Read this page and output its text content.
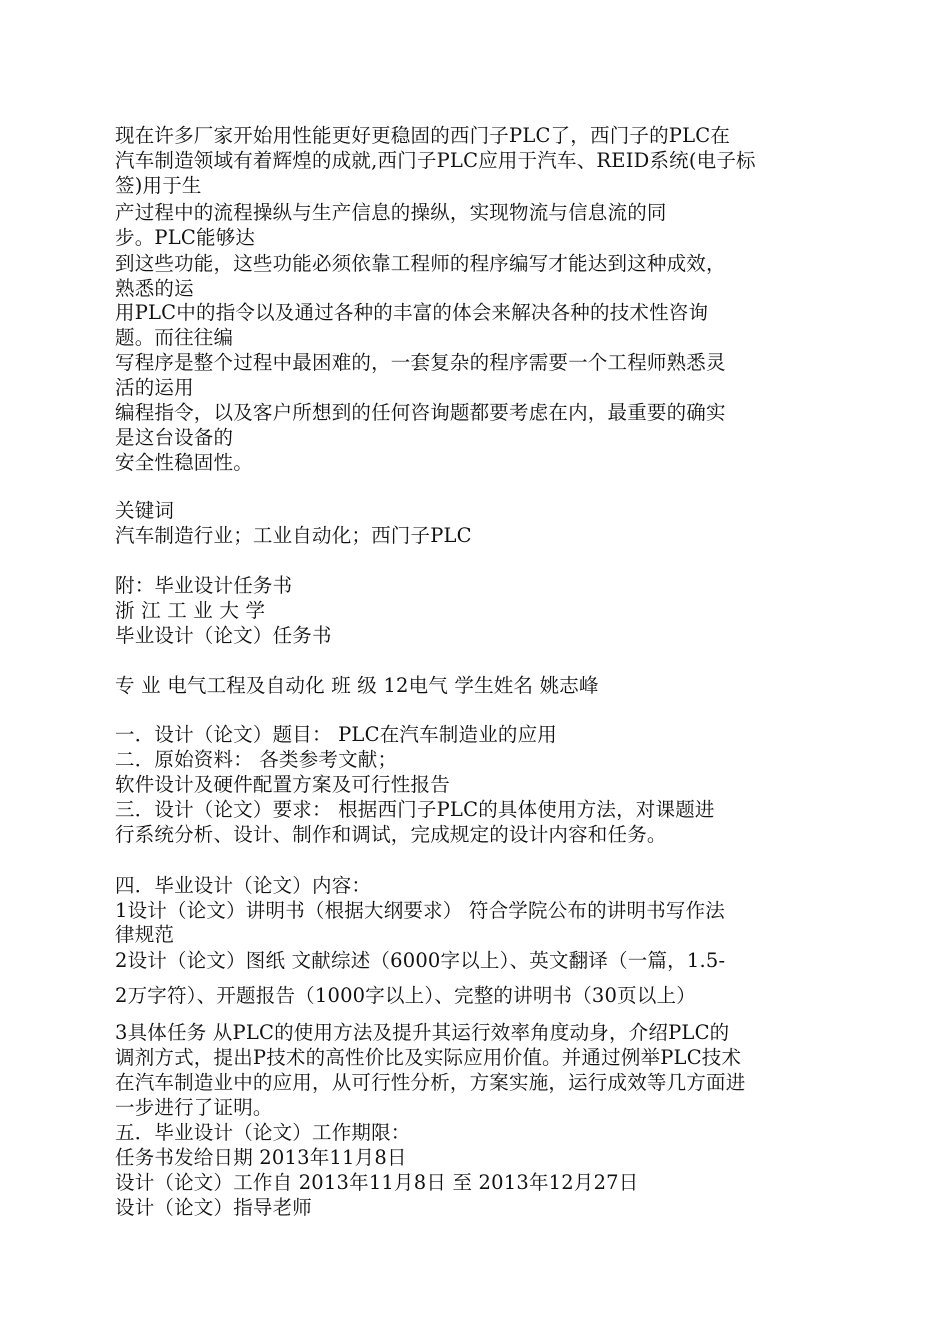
现在许多厂家开始用性能更好更稳固的西门子PLC了，西门子的PLC在
汽车制造领域有着辉煌的成就,西门子PLC应用于汽车、REID系统(电子标
签)用于生
产过程中的流程操纵与生产信息的操纵，实现物流与信息流的同
步。PLC能够达
到这些功能，这些功能必须依靠工程师的程序编写才能达到这种成效，
熟悉的运
用PLC中的指令以及通过各种的丰富的体会来解决各种的技术性咨询
题。而往往编
写程序是整个过程中最困难的，一套复杂的程序需要一个工程师熟悉灵
活的运用
编程指令，以及客户所想到的任何咨询题都要考虑在内，最重要的确实
是这台设备的
安全性稳固性。
关键词
汽车制造行业；工业自动化；西门子PLC
附：毕业设计任务书
浙 江 工 业 大 学
毕业设计（论文）任务书
专 业 电气工程及自动化 班 级 12电气 学生姓名 姚志峰
一．设计（论文）题目： PLC在汽车制造业的应用
二．原始资料： 各类参考文献；
软件设计及硬件配置方案及可行性报告
三．设计（论文）要求： 根据西门子PLC的具体使用方法，对课题进
行系统分析、设计、制作和调试，完成规定的设计内容和任务。
四．毕业设计（论文）内容：
1设计（论文）讲明书（根据大纲要求） 符合学院公布的讲明书写作法
律规范
2设计（论文）图纸 文献综述（6000字以上）、英文翻译（一篇，1.5-
2万字符）、开题报告（1000字以上）、完整的讲明书（30页以上）
3具体任务 从PLC的使用方法及提升其运行效率角度动身，介绍PLC的
调剂方式，提出P技术的高性价比及实际应用价值。并通过例举PLC技术
在汽车制造业中的应用，从可行性分析，方案实施，运行成效等几方面进
一步进行了证明。
五．毕业设计（论文）工作期限：
任务书发给日期 2013年11月8日
设计（论文）工作自 2013年11月8日 至 2013年12月27日
设计（论文）指导老师
